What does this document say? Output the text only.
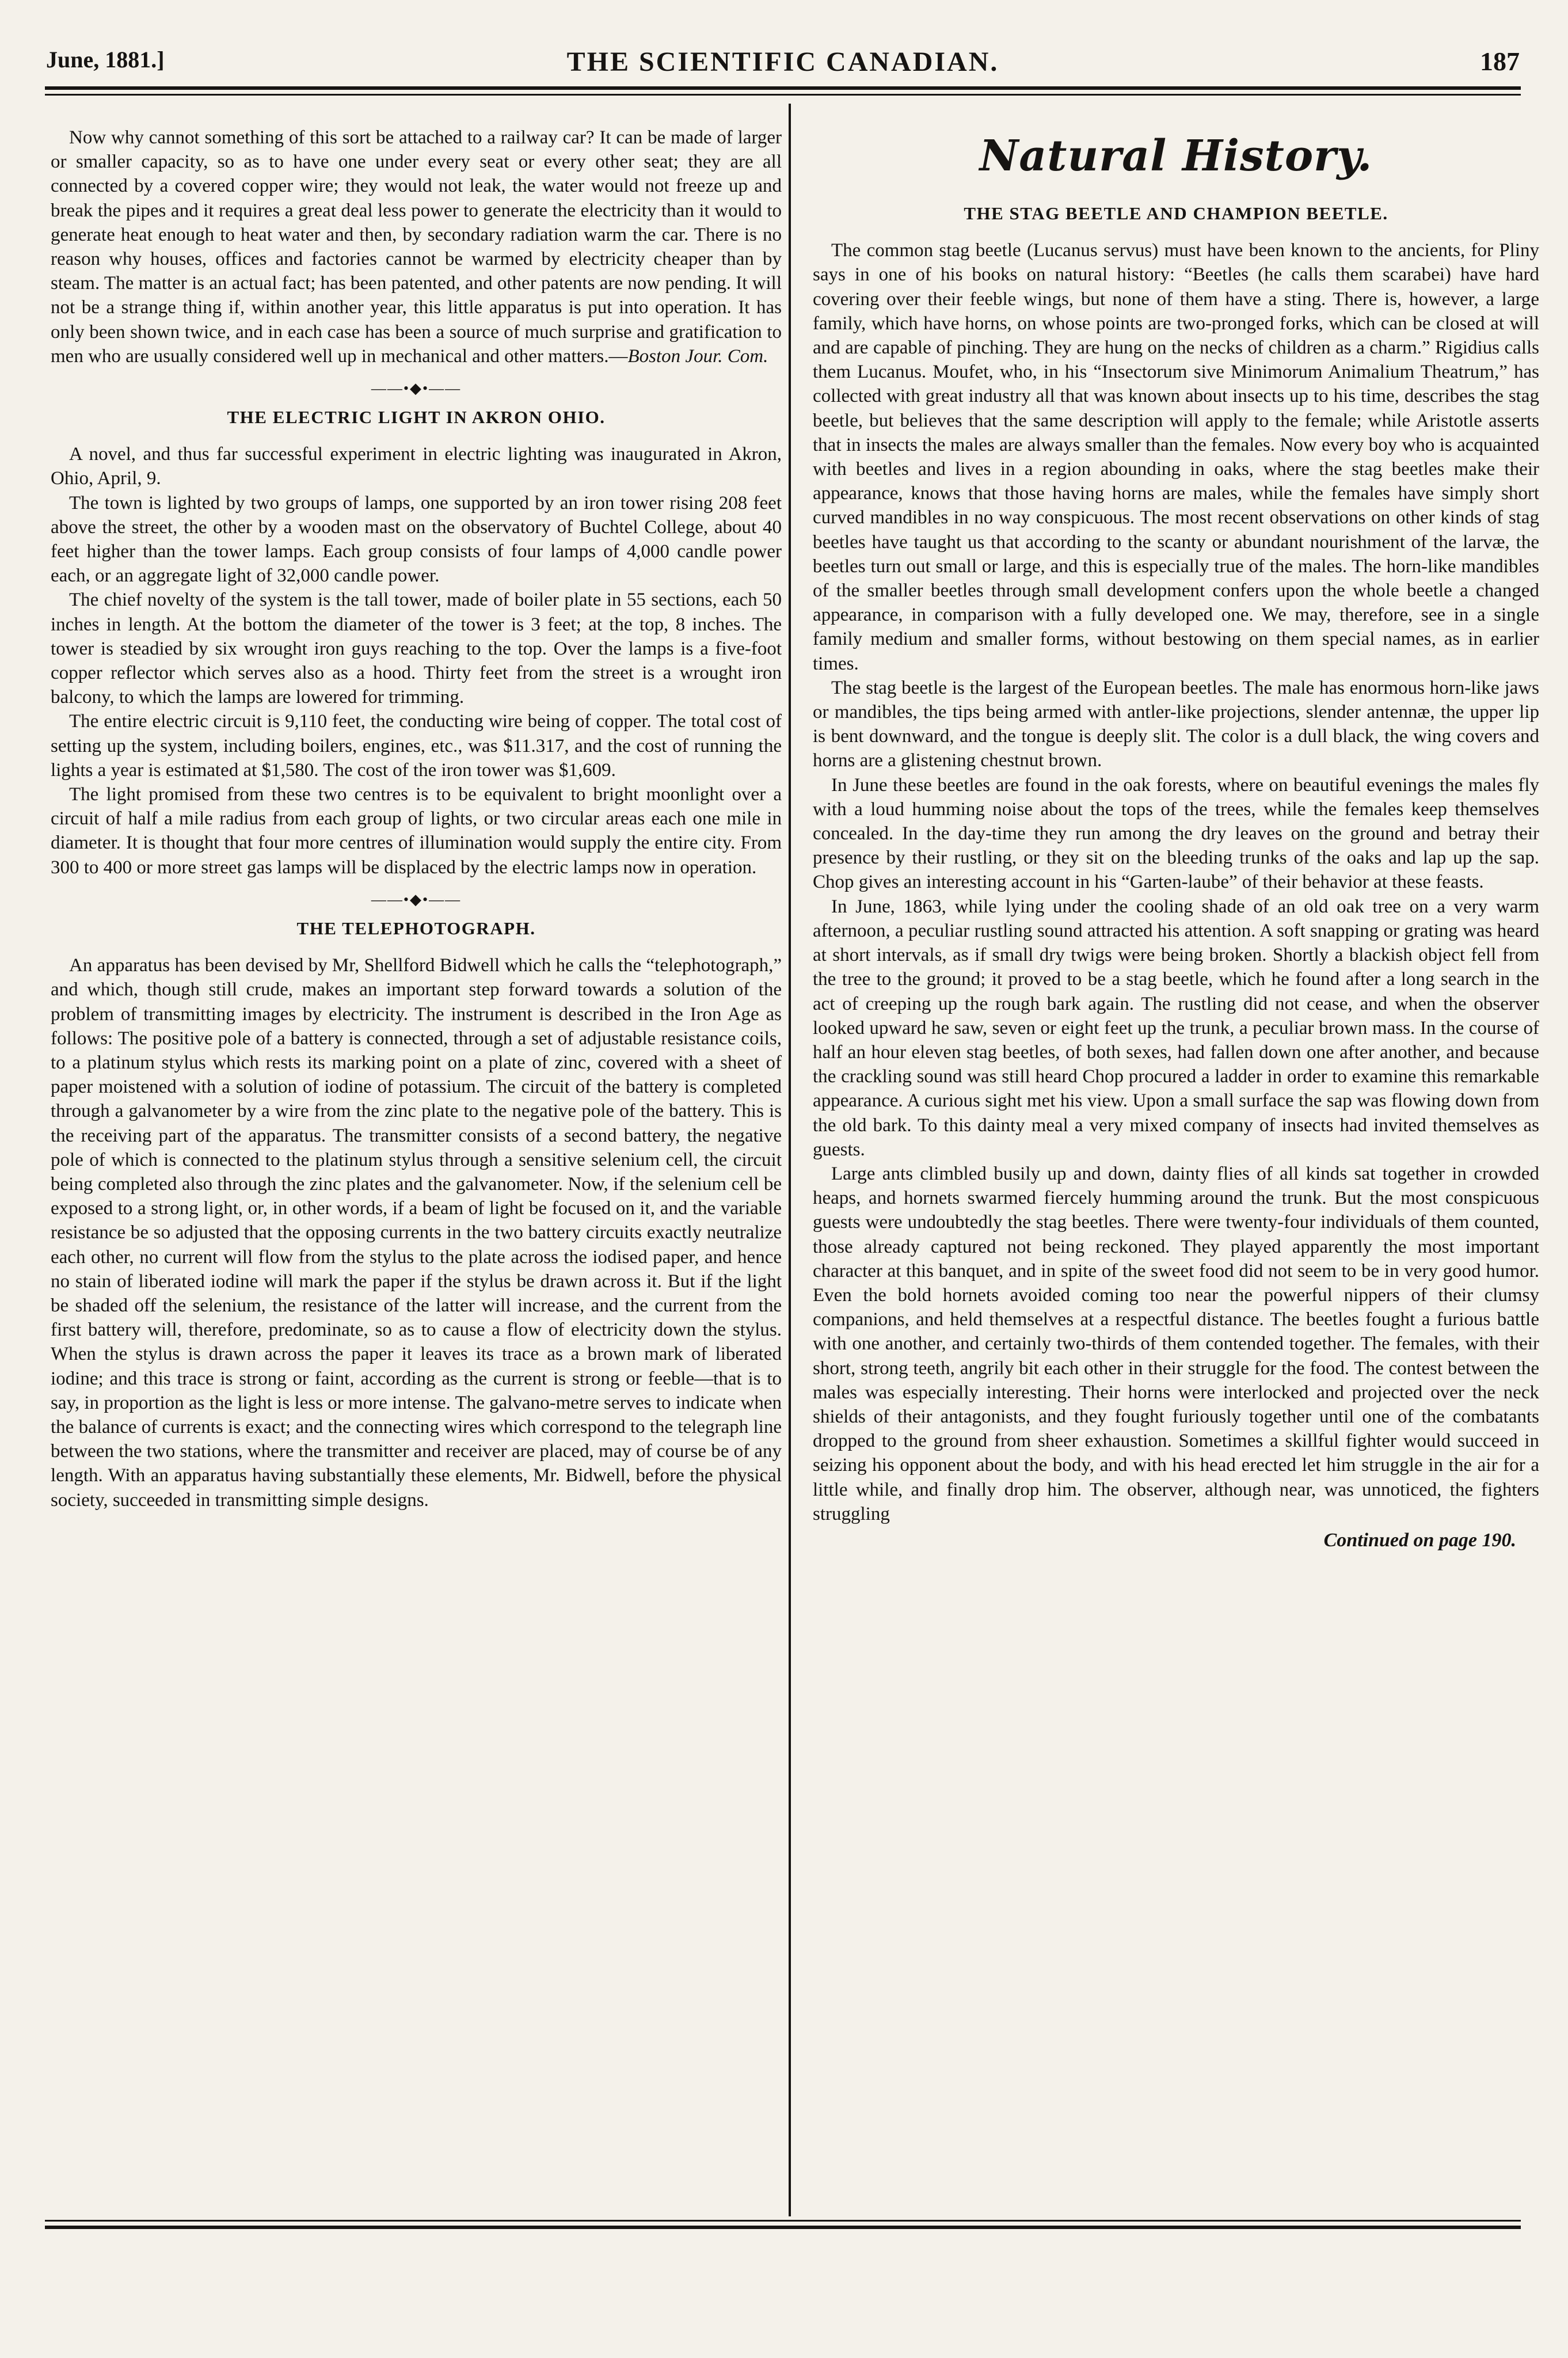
THE SCIENTIFIC CANADIAN.
June, 1881.]	187

Now why cannot something of this sort be attached to a railway car? It can be made of larger or smaller capacity, so as to have one under every seat or every other seat; they are all connected by a covered copper wire; they would not leak, the water would not freeze up and break the pipes and it requires a great deal less power to generate the electricity than it would to generate heat enough to heat water and then, by secondary radiation warm the car. There is no reason why houses, offices and factories cannot be warmed by electricity cheaper than by steam. The matter is an actual fact; has been patented, and other patents are now pending. It will not be a strange thing if, within another year, this little apparatus is put into operation. It has only been shown twice, and in each case has been a source of much surprise and gratification to men who are usually considered well up in mechanical and other matters.—Boston Jour. Com.

——•◆•——
THE ELECTRIC LIGHT IN AKRON OHIO.

A novel, and thus far successful experiment in electric lighting was inaugurated in Akron, Ohio, April, 9.

The town is lighted by two groups of lamps, one supported by an iron tower rising 208 feet above the street, the other by a wooden mast on the observatory of Buchtel College, about 40 feet higher than the tower lamps. Each group consists of four lamps of 4,000 candle power each, or an aggregate light of 32,000 candle power.

The chief novelty of the system is the tall tower, made of boiler plate in 55 sections, each 50 inches in length. At the bottom the diameter of the tower is 3 feet; at the top, 8 inches. The tower is steadied by six wrought iron guys reaching to the top. Over the lamps is a five-foot copper reflector which serves also as a hood. Thirty feet from the street is a wrought iron balcony, to which the lamps are lowered for trimming.

The entire electric circuit is 9,110 feet, the conducting wire being of copper. The total cost of setting up the system, including boilers, engines, etc., was $11.317, and the cost of running the lights a year is estimated at $1,580. The cost of the iron tower was $1,609.

The light promised from these two centres is to be equivalent to bright moonlight over a circuit of half a mile radius from each group of lights, or two circular areas each one mile in diameter. It is thought that four more centres of illumination would supply the entire city. From 300 to 400 or more street gas lamps will be displaced by the electric lamps now in operation.

——•◆•——
THE TELEPHOTOGRAPH.

An apparatus has been devised by Mr, Shellford Bidwell which he calls the “telephotograph,” and which, though still crude, makes an important step forward towards a solution of the problem of transmitting images by electricity. The instrument is described in the Iron Age as follows: The positive pole of a battery is connected, through a set of adjustable resistance coils, to a platinum stylus which rests its marking point on a plate of zinc, covered with a sheet of paper moistened with a solution of iodine of potassium. The circuit of the battery is completed through a galvanometer by a wire from the zinc plate to the negative pole of the battery. This is the receiving part of the apparatus. The transmitter consists of a second battery, the negative pole of which is connected to the platinum stylus through a sensitive selenium cell, the circuit being completed also through the zinc plates and the galvanometer. Now, if the selenium cell be exposed to a strong light, or, in other words, if a beam of light be focused on it, and the variable resistance be so adjusted that the opposing currents in the two battery circuits exactly neutralize each other, no current will flow from the stylus to the plate across the iodised paper, and hence no stain of liberated iodine will mark the paper if the stylus be drawn across it. But if the light be shaded off the selenium, the resistance of the latter will increase, and the current from the first battery will, therefore, predominate, so as to cause a flow of electricity down the stylus. When the stylus is drawn across the paper it leaves its trace as a brown mark of liberated iodine; and this trace is strong or faint, according as the current is strong or feeble—that is to say, in proportion as the light is less or more intense. The galvano-metre serves to indicate when the balance of currents is exact; and the connecting wires which correspond to the telegraph line between the two stations, where the transmitter and receiver are placed, may of course be of any length. With an apparatus having substantially these elements, Mr. Bidwell, before the physical society, succeeded in transmitting simple designs.

Natural History.
THE STAG BEETLE AND CHAMPION BEETLE.

The common stag beetle (Lucanus servus) must have been known to the ancients, for Pliny says in one of his books on natural history: “Beetles (he calls them scarabei) have hard covering over their feeble wings, but none of them have a sting. There is, however, a large family, which have horns, on whose points are two-pronged forks, which can be closed at will and are capable of pinching. They are hung on the necks of children as a charm.” Rigidius calls them Lucanus. Moufet, who, in his “Insectorum sive Minimorum Animalium Theatrum,” has collected with great industry all that was known about insects up to his time, describes the stag beetle, but believes that the same description will apply to the female; while Aristotle asserts that in insects the males are always smaller than the females. Now every boy who is acquainted with beetles and lives in a region abounding in oaks, where the stag beetles make their appearance, knows that those having horns are males, while the females have simply short curved mandibles in no way conspicuous. The most recent observations on other kinds of stag beetles have taught us that according to the scanty or abundant nourishment of the larvæ, the beetles turn out small or large, and this is especially true of the males. The horn-like mandibles of the smaller beetles through small development confers upon the whole beetle a changed appearance, in comparison with a fully developed one. We may, therefore, see in a single family medium and smaller forms, without bestowing on them special names, as in earlier times.

The stag beetle is the largest of the European beetles. The male has enormous horn-like jaws or mandibles, the tips being armed with antler-like projections, slender antennæ, the upper lip is bent downward, and the tongue is deeply slit. The color is a dull black, the wing covers and horns are a glistening chestnut brown.

In June these beetles are found in the oak forests, where on beautiful evenings the males fly with a loud humming noise about the tops of the trees, while the females keep themselves concealed. In the day-time they run among the dry leaves on the ground and betray their presence by their rustling, or they sit on the bleeding trunks of the oaks and lap up the sap. Chop gives an interesting account in his “Garten-laube” of their behavior at these feasts.

In June, 1863, while lying under the cooling shade of an old oak tree on a very warm afternoon, a peculiar rustling sound attracted his attention. A soft snapping or grating was heard at short intervals, as if small dry twigs were being broken. Shortly a blackish object fell from the tree to the ground; it proved to be a stag beetle, which he found after a long search in the act of creeping up the rough bark again. The rustling did not cease, and when the observer looked upward he saw, seven or eight feet up the trunk, a peculiar brown mass. In the course of half an hour eleven stag beetles, of both sexes, had fallen down one after another, and because the crackling sound was still heard Chop procured a ladder in order to examine this remarkable appearance. A curious sight met his view. Upon a small surface the sap was flowing down from the old bark. To this dainty meal a very mixed company of insects had invited themselves as guests.

Large ants climbled busily up and down, dainty flies of all kinds sat together in crowded heaps, and hornets swarmed fiercely humming around the trunk. But the most conspicuous guests were undoubtedly the stag beetles. There were twenty-four individuals of them counted, those already captured not being reckoned. They played apparently the most important character at this banquet, and in spite of the sweet food did not seem to be in very good humor. Even the bold hornets avoided coming too near the powerful nippers of their clumsy companions, and held themselves at a respectful distance. The beetles fought a furious battle with one another, and certainly two-thirds of them contended together. The females, with their short, strong teeth, angrily bit each other in their struggle for the food. The contest between the males was especially interesting. Their horns were interlocked and projected over the neck shields of their antagonists, and they fought furiously together until one of the combatants dropped to the ground from sheer exhaustion. Sometimes a skillful fighter would succeed in seizing his opponent about the body, and with his head erected let him struggle in the air for a little while, and finally drop him. The observer, although near, was unnoticed, the fighters struggling

Continued on page 190.
